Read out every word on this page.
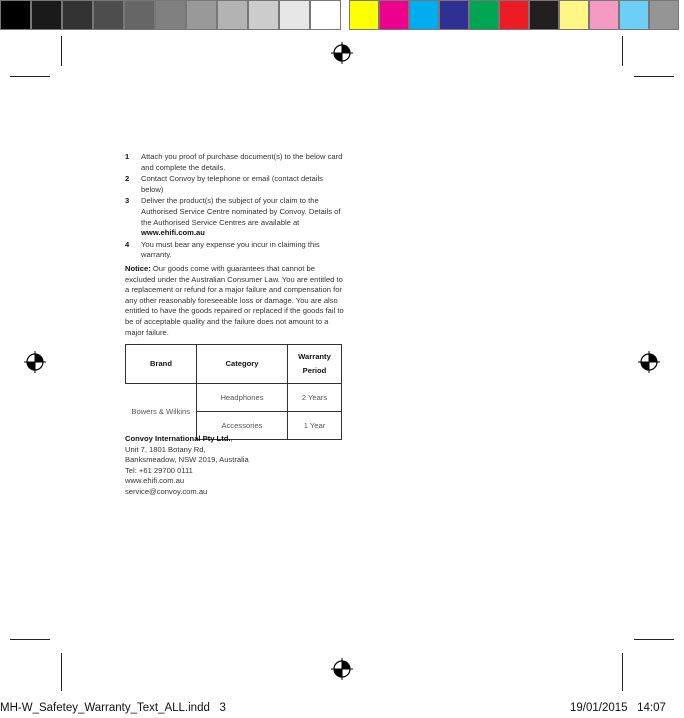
1	Attach you proof of purchase document(s) to the below card and complete the details.
2	Contact Convoy by telephone or email (contact details below)
3	Deliver the product(s) the subject of your claim to the Authorised Service Centre nominated by Convoy. Details of the Authorised Service Centres are available at www.ehifi.com.au
4	You must bear any expense you incur in claiming this warranty.
Notice: Our goods come with guarantees that cannot be excluded under the Australian Consumer Law. You are entitled to a replacement or refund for a major failure and compensation for any other reasonably foreseeable loss or damage. You are also entitled to have the goods repaired or replaced if the goods fail to be of acceptable quality and the failure does not amount to a major failure.
Brand	Category	Warranty Period
Bowers & Wilkins	Headphones	2 Years
	Accessories	1 Year
Convoy International Pty Ltd.,
Unit 7, 1801 Botany Rd,
Banksmeadow, NSW 2019, Australia
Tel: +61 29700 0111
www.ehifi.com.au
service@convoy.com.au
MH-W_Safetey_Warranty_Text_ALL.indd   3	19/01/2015   14:07
